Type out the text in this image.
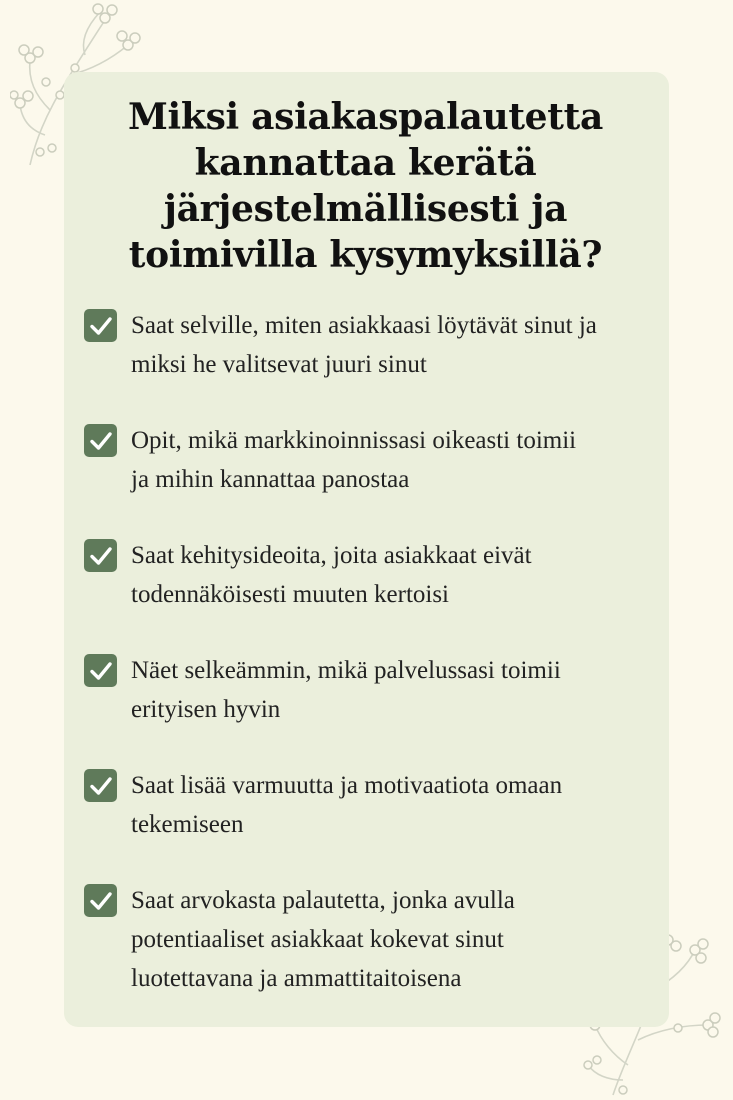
Miksi asiakaspalautetta
kannattaa kerätä
järjestelmällisesti ja
toimivilla kysymyksillä?
Saat selville, miten asiakkaasi löytävät sinut ja
miksi he valitsevat juuri sinut
Opit, mikä markkinoinnissasi oikeasti toimii
ja mihin kannattaa panostaa
Saat kehitysideoita, joita asiakkaat eivät
todennäköisesti muuten kertoisi
Näet selkeämmin, mikä palvelussasi toimii
erityisen hyvin
Saat lisää varmuutta ja motivaatiota omaan
tekemiseen
Saat arvokasta palautetta, jonka avulla
potentiaaliset asiakkaat kokevat sinut
luotettavana ja ammattitaitoisena
